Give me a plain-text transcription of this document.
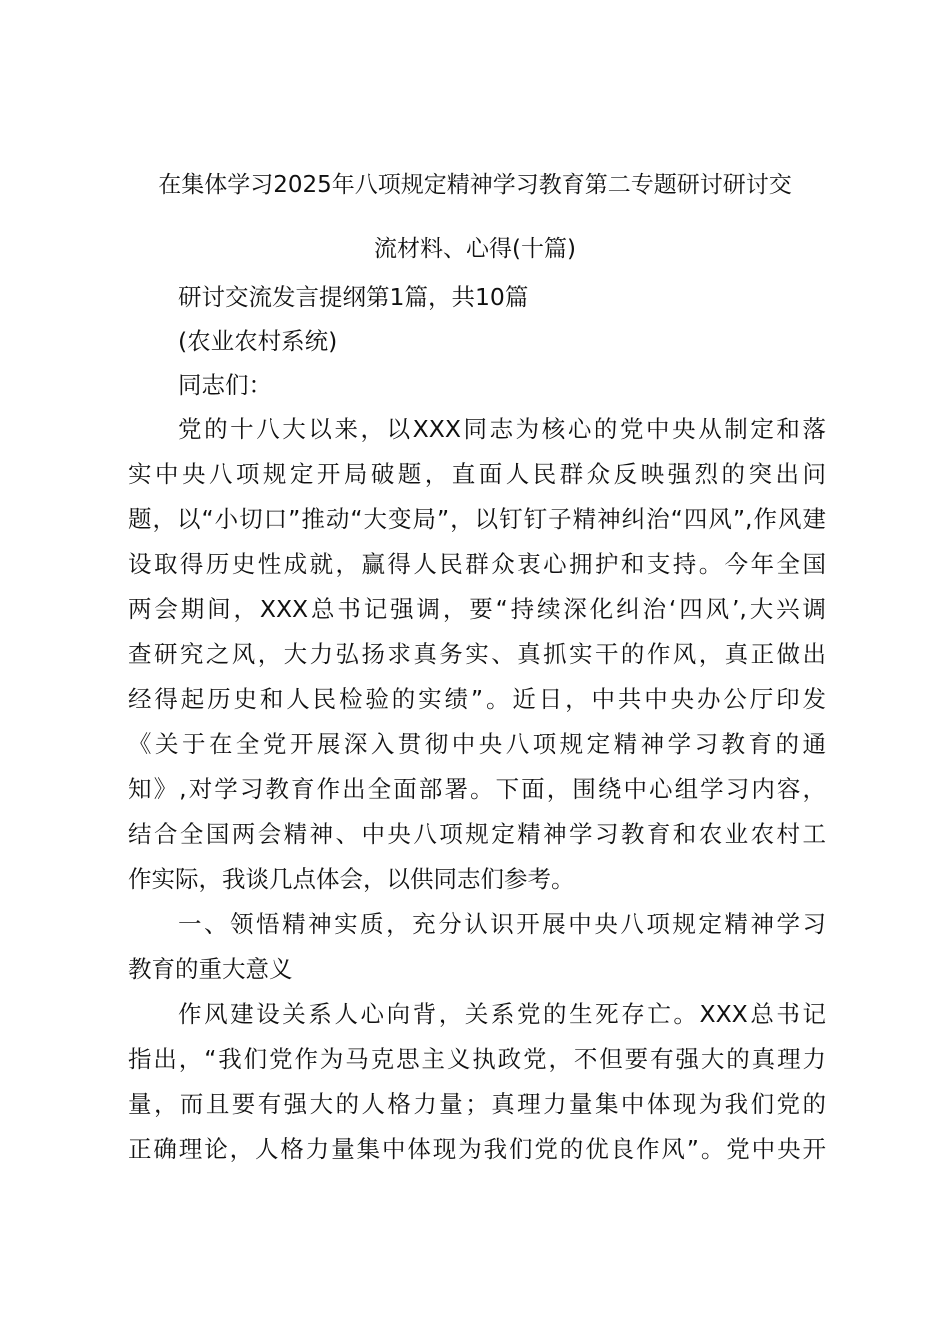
在集体学习2025年八项规定精神学习教育第二专题研讨研讨交
流材料、心得(十篇)
研讨交流发言提纲第1篇，共10篇
(农业农村系统)
同志们：
党的十八大以来，以XXX同志为核心的党中央从制定和落
实中央八项规定开局破题，直面人民群众反映强烈的突出问
题，以“小切口”推动“大变局”，以钉钉子精神纠治“四风”,作风建
设取得历史性成就，赢得人民群众衷心拥护和支持。今年全国
两会期间，XXX总书记强调，要“持续深化纠治‘四风’,大兴调
查研究之风，大力弘扬求真务实、真抓实干的作风，真正做出
经得起历史和人民检验的实绩”。近日，中共中央办公厅印发
《关于在全党开展深入贯彻中央八项规定精神学习教育的通
知》,对学习教育作出全面部署。下面，围绕中心组学习内容，
结合全国两会精神、中央八项规定精神学习教育和农业农村工
作实际，我谈几点体会，以供同志们参考。
一、领悟精神实质，充分认识开展中央八项规定精神学习
教育的重大意义
作风建设关系人心向背，关系党的生死存亡。XXX总书记
指出，“我们党作为马克思主义执政党，不但要有强大的真理力
量，而且要有强大的人格力量；真理力量集中体现为我们党的
正确理论，人格力量集中体现为我们党的优良作风”。党中央开
